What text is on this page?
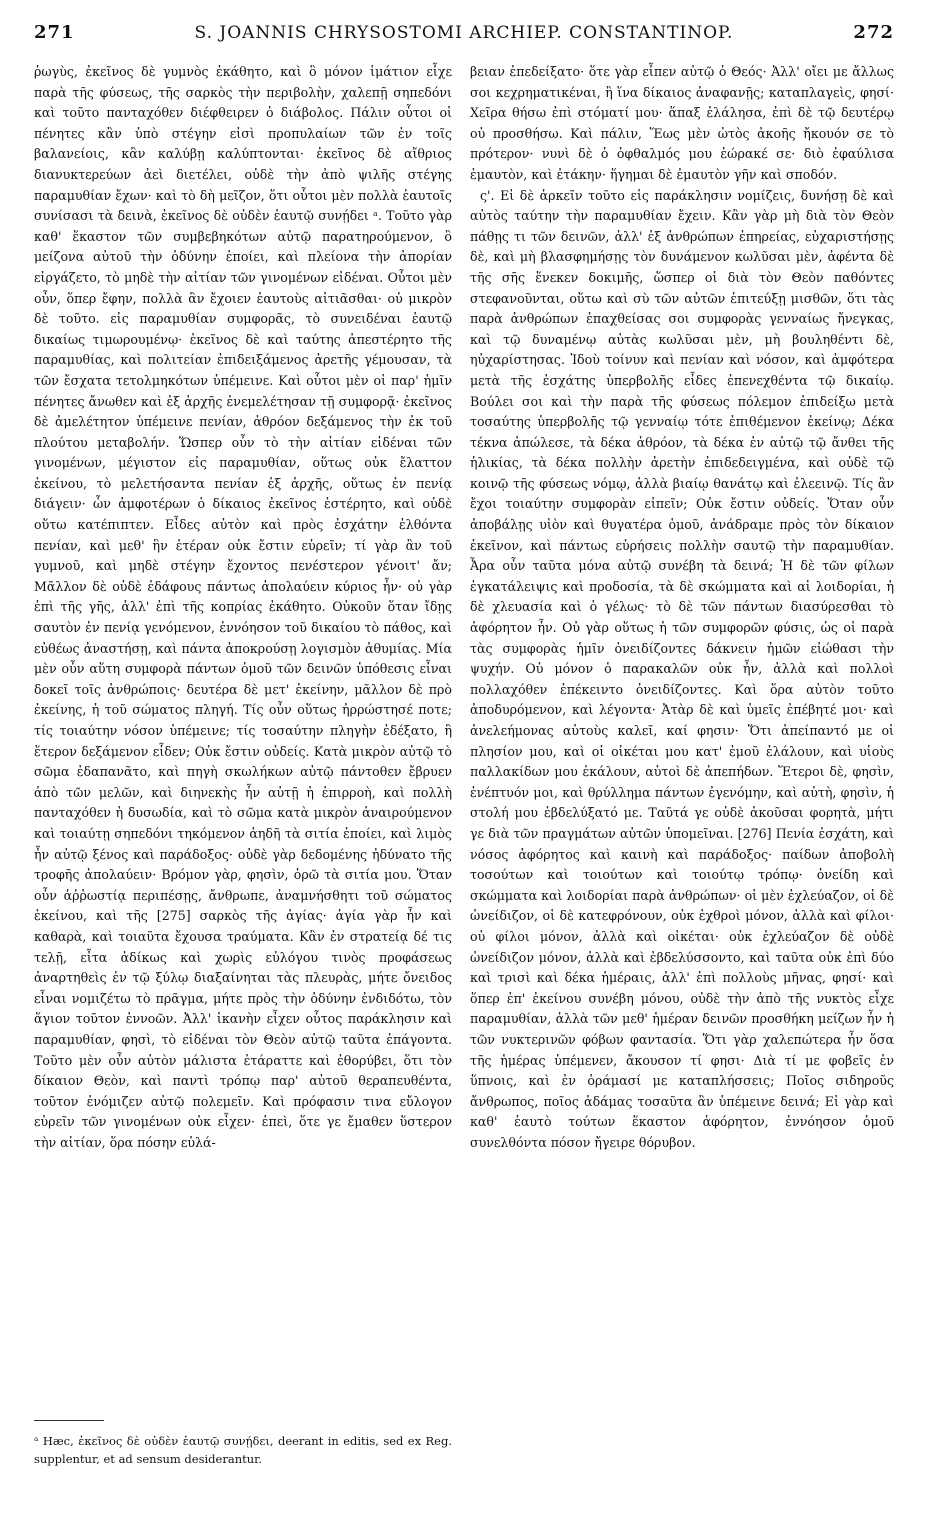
271	S. JOANNIS CHRYSOSTOMI ARCHIEP. CONSTANTINOP.	272

ῥωγὺς, ἐκεῖνος δὲ γυμνὸς ἐκάθητο, καὶ ὃ μόνον ἱμάτιον εἶχε παρὰ τῆς φύσεως, τῆς σαρκὸς τὴν περιβολὴν, χαλεπῇ σηπεδόνι καὶ τοῦτο πανταχόθεν διέφθειρεν ὁ διάβολος. Πάλιν οὗτοι οἱ πένητες κἂν ὑπὸ στέγην εἰσὶ προπυλαίων τῶν ἐν τοῖς βαλανείοις, κἂν καλύβῃ καλύπτονται· ἐκεῖνος δὲ αἴθριος διανυκτερεύων ἀεὶ διετέλει, οὐδὲ τὴν ἀπὸ ψιλῆς στέγης παραμυθίαν ἔχων· καὶ τὸ δὴ μεῖζον, ὅτι οὗτοι μὲν πολλὰ ἑαυτοῖς συνίσασι τὰ δεινὰ, ἐκεῖνος δὲ οὐδὲν ἑαυτῷ συνῄδει ᵃ. Τοῦτο γὰρ καθ' ἕκαστον τῶν συμβεβηκότων αὐτῷ παρατηρούμενον, ὃ μείζονα αὐτοῦ τὴν ὀδύνην ἐποίει, καὶ πλείονα τὴν ἀπορίαν εἰργάζετο, τὸ μηδὲ τὴν αἰτίαν τῶν γινομένων εἰδέναι. Οὗτοι μὲν οὖν, ὅπερ ἔφην, πολλὰ ἂν ἔχοιεν ἑαυτοὺς αἰτιᾶσθαι· οὐ μικρὸν δὲ τοῦτο. εἰς παραμυθίαν συμφορᾶς, τὸ συνειδέναι ἑαυτῷ δικαίως τιμωρουμένῳ· ἐκεῖνος δὲ καὶ ταύτης ἀπεστέρητο τῆς παραμυθίας, καὶ πολιτείαν ἐπιδειξάμενος ἀρετῆς γέμουσαν, τὰ τῶν ἔσχατα τετολμηκότων ὑπέμεινε. Καὶ οὗτοι μὲν οἱ παρ' ἡμῖν πένητες ἄνωθεν καὶ ἐξ ἀρχῆς ἐνεμελέτησαν τῇ συμφορᾷ· ἐκεῖνος δὲ ἀμελέτητον ὑπέμεινε πενίαν, ἀθρόον δεξάμενος τὴν ἐκ τοῦ πλούτου μεταβολήν. Ὥσπερ οὖν τὸ τὴν αἰτίαν εἰδέναι τῶν γινομένων, μέγιστον εἰς παραμυθίαν, οὕτως οὐκ ἔλαττον ἐκείνου, τὸ μελετήσαντα πενίαν ἐξ ἀρχῆς, οὕτως ἐν πενίᾳ διάγειν· ὧν ἀμφοτέρων ὁ δίκαιος ἐκεῖνος ἐστέρητο, καὶ οὐδὲ οὕτω κατέπιπτεν. Εἶδες αὐτὸν καὶ πρὸς ἐσχάτην ἐλθόντα πενίαν, καὶ μεθ' ἣν ἑτέραν οὐκ ἔστιν εὑρεῖν; τί γὰρ ἂν τοῦ γυμνοῦ, καὶ μηδὲ στέγην ἔχοντος πενέστερον γένοιτ' ἄν; Μᾶλλον δὲ οὐδὲ ἐδάφους πάντως ἀπολαύειν κύριος ἦν· οὐ γὰρ ἐπὶ τῆς γῆς, ἀλλ' ἐπὶ τῆς κοπρίας ἐκάθητο. Οὐκοῦν ὅταν ἴδῃς σαυτὸν ἐν πενίᾳ γενόμενον, ἐννόησον τοῦ δικαίου τὸ πάθος, καὶ εὐθέως ἀναστήσῃ, καὶ πάντα ἀποκρούσῃ λογισμὸν ἀθυμίας. Μία μὲν οὖν αὕτη συμφορὰ πάντων ὁμοῦ τῶν δεινῶν ὑπόθεσις εἶναι δοκεῖ τοῖς ἀνθρώποις· δευτέρα δὲ μετ' ἐκείνην, μᾶλλον δὲ πρὸ ἐκείνης, ἡ τοῦ σώματος πληγή. Τίς οὖν οὕτως ἠρρώστησέ ποτε; τίς τοιαύτην νόσον ὑπέμεινε; τίς τοσαύτην πληγὴν ἐδέξατο, ἢ ἕτερον δεξάμενον εἶδεν; Οὐκ ἔστιν οὐδείς. Κατὰ μικρὸν αὐτῷ τὸ σῶμα ἐδαπανᾶτο, καὶ πηγὴ σκωλήκων αὐτῷ πάντοθεν ἔβρυεν ἀπὸ τῶν μελῶν, καὶ διηνεκὴς ἦν αὐτῇ ἡ ἐπιρροὴ, καὶ πολλὴ πανταχόθεν ἡ δυσωδία, καὶ τὸ σῶμα κατὰ μικρὸν ἀναιρούμενον καὶ τοιαύτῃ σηπεδόνι τηκόμενον ἀηδῆ τὰ σιτία ἐποίει, καὶ λιμὸς ἦν αὐτῷ ξένος καὶ παράδοξος· οὐδὲ γὰρ δεδομένης ἠδύνατο τῆς τροφῆς ἀπολαύειν· Βρόμον γὰρ, φησὶν, ὁρῶ τὰ σιτία μου. Ὅταν οὖν ἀῤῥωστίᾳ περιπέσῃς, ἄνθρωπε, ἀναμνήσθητι τοῦ σώματος ἐκείνου, καὶ τῆς [275] σαρκὸς τῆς ἁγίας· ἁγία γὰρ ἦν καὶ καθαρὰ, καὶ τοιαῦτα ἔχουσα τραύματα. Κἂν ἐν στρατείᾳ δέ τις τελῇ, εἶτα ἀδίκως καὶ χωρὶς εὐλόγου τινὸς προφάσεως ἀναρτηθεὶς ἐν τῷ ξύλῳ διαξαίνηται τὰς πλευρὰς, μήτε ὄνειδος εἶναι νομιζέτω τὸ πρᾶγμα, μήτε πρὸς τὴν ὀδύνην ἐνδιδότω, τὸν ἅγιον τοῦτον ἐννοῶν. Ἀλλ' ἱκανὴν εἶχεν οὗτος παράκλησιν καὶ παραμυθίαν, φησὶ, τὸ εἰδέναι τὸν Θεὸν αὐτῷ ταῦτα ἐπάγοντα. Τοῦτο μὲν οὖν αὐτὸν μάλιστα ἐτάραττε καὶ ἐθορύβει, ὅτι τὸν δίκαιον Θεὸν, καὶ παντὶ τρόπῳ παρ' αὐτοῦ θεραπευθέντα, τοῦτον ἐνόμιζεν αὐτῷ πολεμεῖν. Καὶ πρόφασιν τινα εὔλογον εὑρεῖν τῶν γινομένων οὐκ εἶχεν· ἐπεὶ, ὅτε γε ἔμαθεν ὕστερον τὴν αἰτίαν, ὅρα πόσην εὐλά-

ᵃ Hæc, ἐκεῖνος δὲ οὐδὲν ἑαυτῷ συνῄδει, deerant in editis, sed ex Reg. supplentur, et ad sensum desiderantur.

βειαν ἐπεδείξατο· ὅτε γὰρ εἶπεν αὐτῷ ὁ Θεός· Ἀλλ' οἴει με ἄλλως σοι κεχρηματικέναι, ἢ ἵνα δίκαιος ἀναφανῇς; καταπλαγεὶς, φησί· Χεῖρα θήσω ἐπὶ στόματί μου· ἅπαξ ἐλάλησα, ἐπὶ δὲ τῷ δευτέρῳ οὐ προσθήσω. Καὶ πάλιν, Ἕως μὲν ὠτὸς ἀκοῆς ἤκουόν σε τὸ πρότερον· νυνὶ δὲ ὁ ὀφθαλμός μου ἑώρακέ σε· διὸ ἐφαύλισα ἐμαυτὸν, καὶ ἐτάκην· ἥγημαι δὲ ἐμαυτὸν γῆν καὶ σποδόν.

ς'. Εἰ δὲ ἀρκεῖν τοῦτο εἰς παράκλησιν νομίζεις, δυνήσῃ δὲ καὶ αὐτὸς ταύτην τὴν παραμυθίαν ἔχειν. Κἂν γὰρ μὴ διὰ τὸν Θεὸν πάθῃς τι τῶν δεινῶν, ἀλλ' ἐξ ἀνθρώπων ἐπηρείας, εὐχαριστήσῃς δὲ, καὶ μὴ βλασφημήσῃς τὸν δυνάμενον κωλῦσαι μὲν, ἀφέντα δὲ τῆς σῆς ἕνεκεν δοκιμῆς, ὥσπερ οἱ διὰ τὸν Θεὸν παθόντες στεφανοῦνται, οὕτω καὶ σὺ τῶν αὐτῶν ἐπιτεύξῃ μισθῶν, ὅτι τὰς παρὰ ἀνθρώπων ἐπαχθείσας σοι συμφορὰς γενναίως ἤνεγκας, καὶ τῷ δυναμένῳ αὐτὰς κωλῦσαι μὲν, μὴ βουληθέντι δὲ, ηὐχαρίστησας. Ἰδοὺ τοίνυν καὶ πενίαν καὶ νόσον, καὶ ἀμφότερα μετὰ τῆς ἐσχάτης ὑπερβολῆς εἶδες ἐπενεχθέντα τῷ δικαίῳ. Βούλει σοι καὶ τὴν παρὰ τῆς φύσεως πόλεμον ἐπιδείξω μετὰ τοσαύτης ὑπερβολῆς τῷ γενναίῳ τότε ἐπιθέμενον ἐκείνῳ; Δέκα τέκνα ἀπώλεσε, τὰ δέκα ἀθρόον, τὰ δέκα ἐν αὐτῷ τῷ ἄνθει τῆς ἡλικίας, τὰ δέκα πολλὴν ἀρετὴν ἐπιδεδειγμένα, καὶ οὐδὲ τῷ κοινῷ τῆς φύσεως νόμῳ, ἀλλὰ βιαίῳ θανάτῳ καὶ ἐλεεινῷ. Τίς ἂν ἔχοι τοιαύτην συμφορὰν εἰπεῖν; Οὐκ ἔστιν οὐδείς. Ὅταν οὖν ἀποβάλῃς υἱὸν καὶ θυγατέρα ὁμοῦ, ἀνάδραμε πρὸς τὸν δίκαιον ἐκεῖνον, καὶ πάντως εὑρήσεις πολλὴν σαυτῷ τὴν παραμυθίαν. Ἆρα οὖν ταῦτα μόνα αὐτῷ συνέβη τὰ δεινά; Ἡ δὲ τῶν φίλων ἐγκατάλειψις καὶ προδοσία, τὰ δὲ σκώμματα καὶ αἱ λοιδορίαι, ἡ δὲ χλευασία καὶ ὁ γέλως· τὸ δὲ τῶν πάντων διασύρεσθαι τὸ ἀφόρητον ἦν. Οὐ γὰρ οὕτως ἡ τῶν συμφορῶν φύσις, ὡς οἱ παρὰ τὰς συμφορὰς ἡμῖν ὀνειδίζοντες δάκνειν ἡμῶν εἰώθασι τὴν ψυχήν. Οὐ μόνον ὁ παρακαλῶν οὐκ ἦν, ἀλλὰ καὶ πολλοὶ πολλαχόθεν ἐπέκειντο ὀνειδίζοντες. Καὶ ὅρα αὐτὸν τοῦτο ἀποδυρόμενον, καὶ λέγοντα· Ἀτὰρ δὲ καὶ ὑμεῖς ἐπέβητέ μοι· καὶ ἀνελεήμονας αὐτοὺς καλεῖ, καί φησιν· Ὅτι ἀπείπαντό με οἱ πλησίον μου, καὶ οἱ οἰκέται μου κατ' ἐμοῦ ἐλάλουν, καὶ υἱοὺς παλλακίδων μου ἐκάλουν, αὐτοὶ δὲ ἀπεπήδων. Ἕτεροι δὲ, φησὶν, ἐνέπτυόν μοι, καὶ θρύλλημα πάντων ἐγενόμην, καὶ αὐτὴ, φησὶν, ἡ στολή μου ἐβδελύξατό με. Ταῦτά γε οὐδὲ ἀκοῦσαι φορητὰ, μήτι γε διὰ τῶν πραγμάτων αὐτῶν ὑπομεῖναι. [276] Πενία ἐσχάτη, καὶ νόσος ἀφόρητος καὶ καινὴ καὶ παράδοξος· παίδων ἀποβολὴ τοσούτων καὶ τοιούτων καὶ τοιούτῳ τρόπῳ· ὀνείδη καὶ σκώμματα καὶ λοιδορίαι παρὰ ἀνθρώπων· οἱ μὲν ἐχλεύαζον, οἱ δὲ ὠνείδιζον, οἱ δὲ κατεφρόνουν, οὐκ ἐχθροὶ μόνον, ἀλλὰ καὶ φίλοι· οὐ φίλοι μόνον, ἀλλὰ καὶ οἰκέται· οὐκ ἐχλεύαζον δὲ οὐδὲ ὠνείδιζον μόνον, ἀλλὰ καὶ ἐβδελύσσοντο, καὶ ταῦτα οὐκ ἐπὶ δύο καὶ τρισὶ καὶ δέκα ἡμέραις, ἀλλ' ἐπὶ πολλοὺς μῆνας, φησί· καὶ ὅπερ ἐπ' ἐκείνου συνέβη μόνου, οὐδὲ τὴν ἀπὸ τῆς νυκτὸς εἶχε παραμυθίαν, ἀλλὰ τῶν μεθ' ἡμέραν δεινῶν προσθήκη μείζων ἦν ἡ τῶν νυκτερινῶν φόβων φαντασία. Ὅτι γὰρ χαλεπώτερα ἦν ὅσα τῆς ἡμέρας ὑπέμενεν, ἄκουσον τί φησι· Διὰ τί με φοβεῖς ἐν ὕπνοις, καὶ ἐν ὁράμασί με καταπλήσσεις; Ποῖος σιδηροῦς ἄνθρωπος, ποῖος ἀδάμας τοσαῦτα ἂν ὑπέμεινε δεινά; Εἰ γὰρ καὶ καθ' ἑαυτὸ τούτων ἕκαστον ἀφόρητον, ἐννόησον ὁμοῦ συνελθόντα πόσον ἤγειρε θόρυβον.
